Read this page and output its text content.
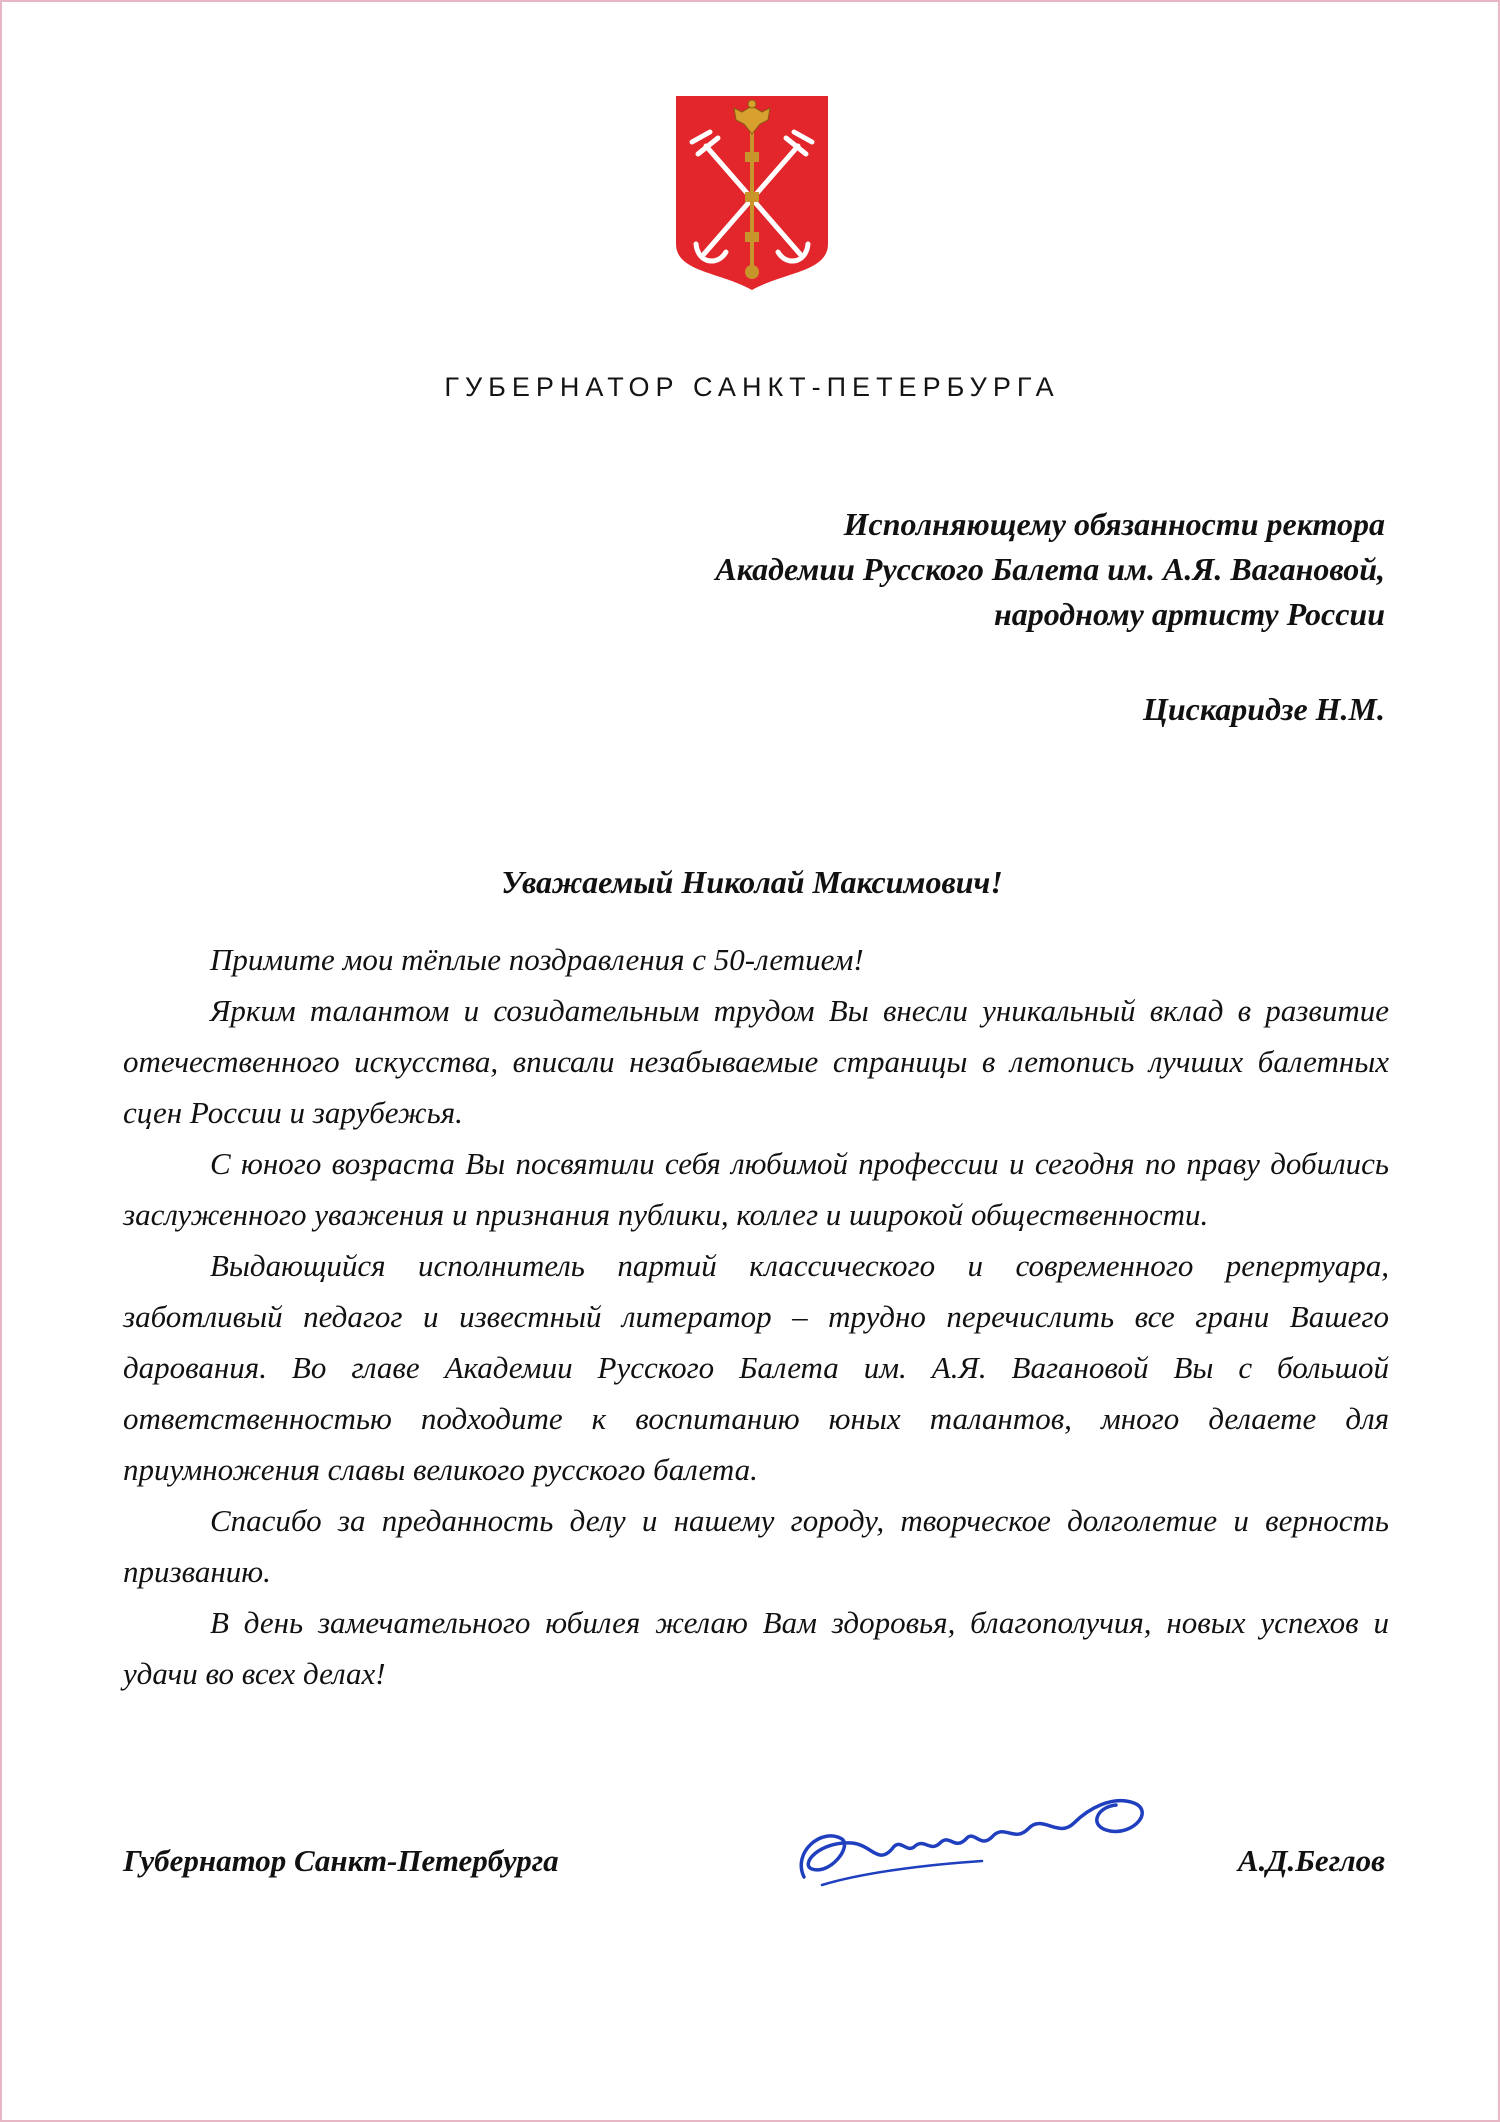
ГУБЕРНАТОР САНКТ-ПЕТЕРБУРГА
Исполняющему обязанности ректора
Академии Русского Балета им. А.Я. Вагановой,
народному артисту России
Цискаридзе Н.М.
Уважаемый Николай Максимович!

Примите мои тёплые поздравления с 50-летием!

Ярким талантом и созидательным трудом Вы внесли уникальный вклад в развитие отечественного искусства, вписали незабываемые страницы в летопись лучших балетных сцен России и зарубежья.

С юного возраста Вы посвятили себя любимой профессии и сегодня по праву добились заслуженного уважения и признания публики, коллег и широкой общественности.

Выдающийся исполнитель партий классического и современного репертуара, заботливый педагог и известный литератор – трудно перечислить все грани Вашего дарования. Во главе Академии Русского Балета им. А.Я. Вагановой Вы с большой ответственностью подходите к воспитанию юных талантов, много делаете для приумножения славы великого русского балета.

Спасибо за преданность делу и нашему городу, творческое долголетие и верность призванию.

В день замечательного юбилея желаю Вам здоровья, благополучия, новых успехов и удачи во всех делах!

Губернатор Санкт-Петербурга	А.Д.Беглов
